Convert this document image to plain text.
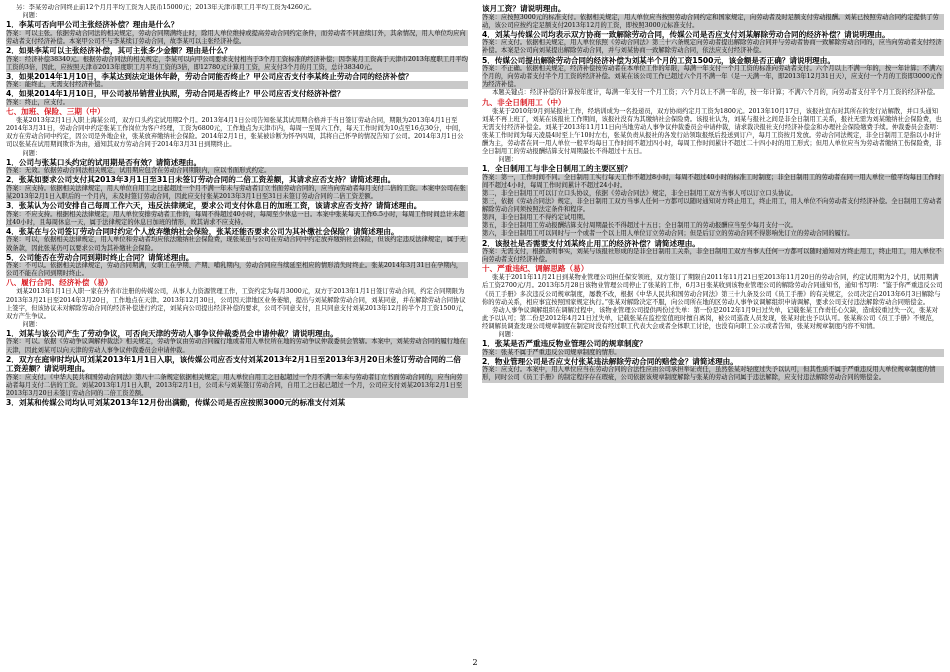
另：李某劳动合同终止前12个月月平均工资为人民币15000元；2013年天津市职工月平均工资为4260元。

问题：

1．李某可否向甲公司主张经济补偿？理由是什么？

答案：可以主张。依据劳动合同法的相关规定，劳动合同期满终止时，除用人单位维持或提高劳动合同约定条件，而劳动者不同意续订外，其余情况，用人单位均应向劳动者支付经济补偿。本案甲公司不与李某续订劳动合同，故李某可以主张经济补偿。

2．如果李某可以主张经济补偿，其可主张多少金额？理由是什么？

答案：经济补偿38340元。根据劳动合同法的相关规定，李某可以向甲公司要求支付相当于3个月工资标准的经济补偿；因李某月工资高于天津市2013年度职工月平均工资的3倍，因此，应按照天津市2013年度职工月平均工资的3倍，即12780元计算月工资，应支付3个月的月工资，总计38340元。

3．如果2014年1月10日，李某达到法定退休年龄，劳动合同能否终止？甲公司应否支付李某终止劳动合同的经济补偿？

答案：能终止，无需支付经济补偿。

4．如果2014年1月10日，甲公司被吊销营业执照，劳动合同是否终止？甲公司应否支付经济补偿？

答案：终止，应支付。

七、加班、保险、三期（中）

张某2013年2月1日入职上海某公司，双方口头约定试用期2个月。2013年4月1日公司告知张某其试用期合格并于当日签订劳动合同，期限为2013年4月1日至2014年3月31日，劳动合同中约定张某工作岗位为客户经理，工资为6800元，工作地点为天津市内，每周一至周六工作，每天工作时间为10点至16点30分，中间，双方在劳动合同中约定，因公司是外地企业，张某放弃缴纳社会保险。2014年2月1日，张某被诊断为怀孕四周，其将自己怀孕的情况告知了公司。2014年3月1日公司以张某在试用期间欺诈为由，通知其双方劳动合同于2014年3月31日到期终止。

问题：

1．公司与张某口头约定的试用期是否有效？请简述理由。

答案：无效。依据劳动合同法相关规定，试用期应包含在劳动合同期限内，应以书面形式约定。

2．张某如要求公司支付其2013年3月1日至31日未签订劳动合同的二倍工资差额，其请求应否支持？请简述理由。

答案：应支持。依据相关法律规定，用人单位自用工之日起超过一个月不满一年未与劳动者订立书面劳动合同的，应当向劳动者每月支付二倍的工资。本案中公司在张某2013年2月1日入职后的一个月内，未及时签订劳动合同，因此应支付张某2013年3月1日至31日未签订劳动合同的二倍工资差额。

3．张某认为公司安排自己每周工作六天，违反法律规定，要求公司支付休息日的加班工资，该请求应否支持？请简述理由。

答案：不应支持。根据相关法律规定，用人单位安排劳动者工作的，每周不得超过40小时，每周至少休息一日。本案中张某每天工作6.5小时，每周工作时间总计未超过40小时，且每周休息一天，属于法律规定的休息日加班的情形，故其请求不应支持。

4．张某在与公司签订劳动合同时约定个人放弃缴纳社会保险，张某还能否要求公司为其补缴社会保险？请简述理由。

答案：可以，依据相关法律规定，用人单位和劳动者均应依法缴纳社会保险费，现张某虽与公司在劳动合同中约定放弃缴纳社会保险，但该约定违反法律规定，属于无效条款，因此张某仍可以要求公司为其补缴社会保险。

5．公司能否在劳动合同到期时终止合同？请简述理由。

答案：不可以。依据相关法律规定，劳动合同期满，女职工在孕期、产期、哺乳期内，劳动合同应当续延至相应的情形消失时终止。张某2014年3月31日在孕期内，公司不能在合同到期时终止。

八、履行合同、经济补偿（易）

刘某2013年1月1日入职一家在外省市注册的传媒公司，从事人力资源管理工作，工资约定为每月3000元，双方于2013年1月1日签订劳动合同，约定合同期限为2013年3月21日至2014年3月20日，工作地点在天津。2013年12月30日，公司因天津地区业务萎缩，提出与刘某解除劳动合同，刘某同意，并在解除劳动合同协议上签字，但该协议未对解除劳动合同的经济补偿进行约定，刘某向公司提出经济补偿的要求，公司不同意支付，且只同意支付刘某2013年12月的半个月工资1500元，双方产生争议。

问题：

1．刘某与该公司产生了劳动争议，可否向天津的劳动人事争议仲裁委员会申请仲裁？请说明理由。

答案：可以。依据《劳动争议调解仲裁法》相关规定，劳动争议由劳动合同履行地或者用人单位所在地的劳动争议仲裁委员会管辖。本案中，刘某劳动合同的履行地在天津，因此刘某可以向天津的劳动人事争议仲裁委员会申请仲裁。

2．双方在庭审时均认可刘某2013年1月1日入职，该传媒公司应否支付刘某2013年2月1日至2013年3月20日未签订劳动合同的二倍工资差额？请说明理由。

答案：应支付。《中华人民共和国劳动合同法》第八十二条规定依据相关规定，用人单位自用工之日起超过一个月不满一年未与劳动者订立书面劳动合同的，应当向劳动者每月支付二倍的工资。刘某2013年1月1日入职，2013年2月1日，公司未与刘某签订劳动合同，自用工之日起已超过一个月，公司应支付刘某2013年2月1日至2013年3月20日未签订劳动合同的二倍工资差额。

3．刘某和传媒公司均认可刘某2013年12月份出满勤，传媒公司是否应按照3000元的标准支付刘某

该月工资？请说明理由。

答案：应按照3000元的标准支付。依据相关规定，用人单位应当按照劳动合同约定和国家规定，向劳动者及时足额支付劳动报酬。刘某已按照劳动合同约定提供了劳动，该公司应按约定足额支付2013年12月的工资，即按照3000元标准支付。

4．刘某与传媒公司均表示双方协商一致解除劳动合同，传媒公司是否应支付刘某解除劳动合同的经济补偿？请说明理由。

答案：应支付。依据相关规定，用人单位依照《劳动合同法》第三十六条规定向劳动者提出解除劳动合同并与劳动者协商一致解除劳动合同的，应当向劳动者支付经济补偿。本案是公司向刘某提出解除劳动合同，并与刘某协商一致解除劳动合同，依法应支付经济补偿。

5．传媒公司提出解除劳动合同的经济补偿为刘某半个月的工资1500元，该金额是否正确？请说明理由。

答案：不正确。依据相关规定，经济补偿按劳动者在本单位工作的年限，每满一年支付一个月工资的标准向劳动者支付。六个月以上不满一年的，按一年计算；不满六个月的，向劳动者支付半个月工资的经济补偿。刘某在该公司工作已超过六个月不满一年（足一天满一年，即2013年12月31日天），应支付一个月的工资即3000元作为经济补偿。

本题关键点：经济补偿的计算按年度计，每满一年支付一个月工资；六个月以上不满一年的，按一年计算；不满六个月的，向劳动者支付半个月工资的经济补偿。

九、非全日制用工（中）

张某于2010年9月到某报社工作，经培训成为一名投递员，双方协商约定月工资为1800元。2013年10月17日，该报社宣布对其所在的发行站解散，并口头通知刘某不再上班了，刘某在该报社工作期间，该报社没有为其缴纳社会保险费。该报社认为，刘某与报社之间是非全日制用工关系，报社无需为刘某缴纳社会保险费，也无需支付经济补偿金。刘某于2013年11月11日向当地劳动人事争议仲裁委员会申请仲裁，请求裁决报社支付经济补偿金和办理社会保险缴费手续。仲裁委员会查明：张某工作时间为每天凌晨4时至上午10时左右，张某负责从报社的各发行站领取报纸后投送到订户，每月工资按月发放。劳动合同法规定，非全日制用工是指以小时计酬为主，劳动者在同一用人单位一般平均每日工作时间不超过四小时，每周工作时间累计不超过二十四小时的用工形式；但用人单位应当为劳动者缴纳工伤保险费，非全日制用工的劳动报酬结算支付周期最长不得超过十五日。

问题：

1．全日制用工与非全日制用工的主要区别？

答案：第一，工作时间不同。全日制用工实行每天工作不超过8小时，每周不超过40小时的标准工时制度；非全日制用工的劳动者在同一用人单位一般平均每日工作时间不超过4小时，每周工作时间累计不超过24小时。

第二，非全日制用工可以订立口头协议，依据《劳动合同法》规定，非全日制用工双方当事人可以订立口头协议。

第三，依据《劳动合同法》规定，非全日制用工双方当事人任何一方都可以随时通知对方终止用工，终止用工，用人单位不向劳动者支付经济补偿。全日制用工劳动者解除劳动合同须按照法定条件和程序。

第四，非全日制用工不得约定试用期。

第五，非全日制用工劳动报酬结算支付周期最长不得超过十五日；全日制用工的劳动报酬应当至少每月支付一次。

第六，非全日制用工可以同时与一个或者一个以上用人单位订立劳动合同；但是后订立的劳动合同不得影响先订立的劳动合同的履行。

2．该报社是否需要支付刘某终止用工的经济补偿？请简述理由。

答案：无需支付，根据查明事实，刘某与该报社形成的是非全日制用工关系，非全日制用工双方当事人任何一方都可以随时通知对方终止用工，终止用工，用人单位不向劳动者支付经济补偿。

十、严重违纪、调解思路（易）

张某于2011年11月21日到某物业管理公司担任保安领班，双方签订了期限自2011年11月21日至2013年11月20日的劳动合同，约定试用期为2个月，试用期满后工资2700元/月。2013年5月28日该物业管理公司停止了张某的工作，6月3日张某收到该物业管理公司的解除劳动合同通知书，通知书写明：“鉴于你严重违反公司《员工手册》多次违反公司规章制度，屡教不改，根据《中华人民共和国劳动合同法》第三十九条及公司《员工手册》的有关规定，公司决定自2013年6月3日解除与你的劳动关系，相应事宜按照国家规定执行。”张某对解除决定不服，向公司所在地的区劳动人事争议调解组织申请调解，要求公司支付违法解除劳动合同赔偿金。

劳动人事争议调解组织在调解过程中，该物业管理公司提供两份过失单：第一份是2012年1月9日过失单，记载张某工作责任心欠缺，造成较重过失一次，张某对此予以认可；第二份是2012年4月21日过失单，记载张某在监控室值班时擅自离岗，被公司巡查人员发现，张某对此也予以认可。张某称公司《员工手册》不规范，经调解员调查发现公司规章制度在制定时没有经过职工代表大会或者全体职工讨论，也没有向职工公示或者告知，张某对规章制度内容不知情。

问题：

1．张某是否严重违反物业管理公司的规章制度？

答案：张某不属于严重违反公司规章制度的情形。

2．物业管理公司是否应支付张某违法解除劳动合同的赔偿金？请简述理由。

答案：应支付。本案中，用人单位应当在劳动合同的合法性应由公司承担举证责任，虽然张某对轻度过失予以认可，但其性质不属于严重违反用人单位规章制度的情形，同时公司《员工手册》的制定程序存在瑕疵，公司依据该规章制度解除与张某的劳动合同属于违法解除，应支付违法解除劳动合同的赔偿金。

2
